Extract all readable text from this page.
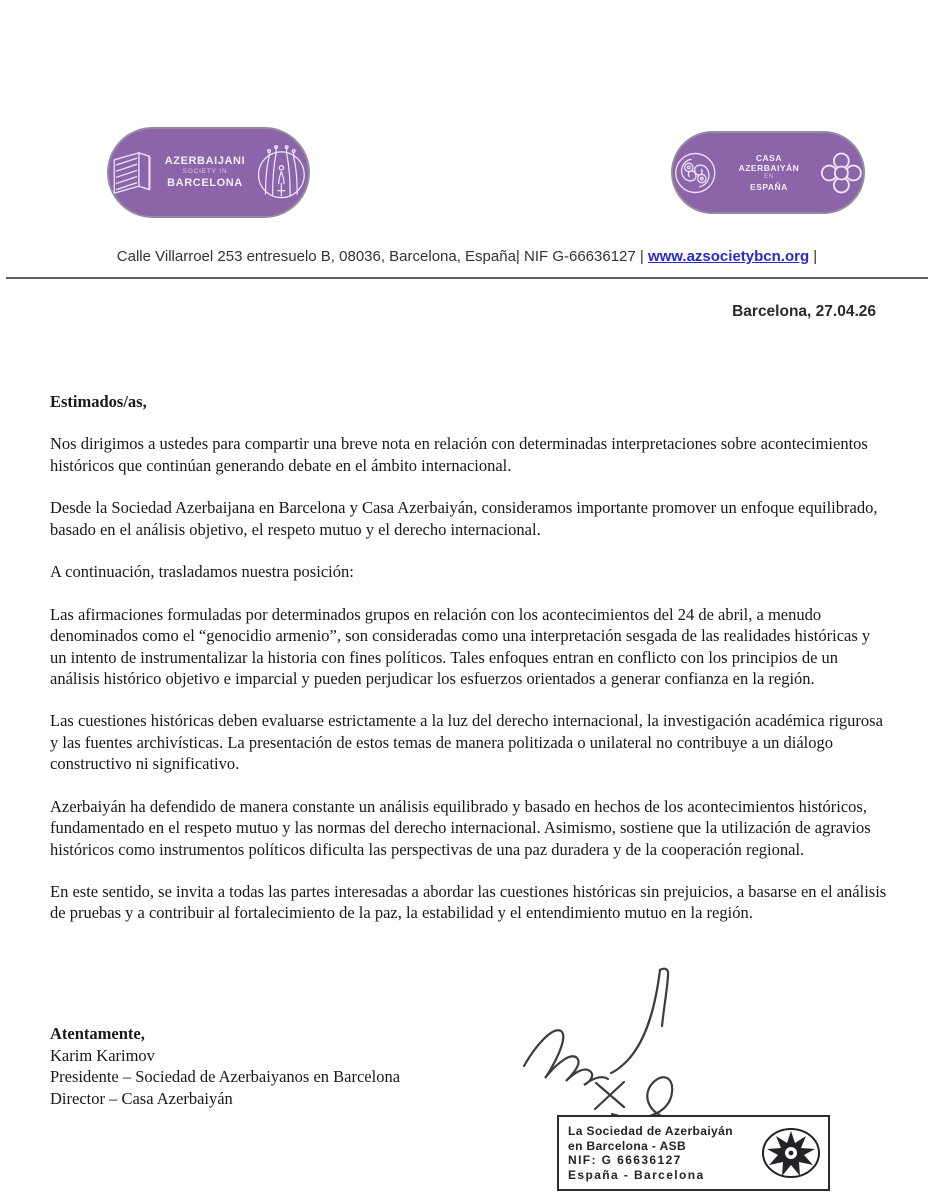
AZERBAIJANI
SOCIETY IN
BARCELONA
CASA AZERBAIYÁN
EN
ESPAÑA
Calle Villarroel 253 entresuelo B, 08036, Barcelona, España| NIF G-66636127 | www.azsocietybcn.org |
Barcelona, 27.04.26

Estimados/as,

Nos dirigimos a ustedes para compartir una breve nota en relación con determinadas interpretaciones sobre acontecimientos históricos que continúan generando debate en el ámbito internacional.

Desde la Sociedad Azerbaijana en Barcelona y Casa Azerbaiyán, consideramos importante promover un enfoque equilibrado, basado en el análisis objetivo, el respeto mutuo y el derecho internacional.

A continuación, trasladamos nuestra posición:

Las afirmaciones formuladas por determinados grupos en relación con los acontecimientos del 24 de abril, a menudo denominados como el “genocidio armenio”, son consideradas como una interpretación sesgada de las realidades históricas y un intento de instrumentalizar la historia con fines políticos. Tales enfoques entran en conflicto con los principios de un análisis histórico objetivo e imparcial y pueden perjudicar los esfuerzos orientados a generar confianza en la región.

Las cuestiones históricas deben evaluarse estrictamente a la luz del derecho internacional, la investigación académica rigurosa y las fuentes archivísticas. La presentación de estos temas de manera politizada o unilateral no contribuye a un diálogo constructivo ni significativo.

Azerbaiyán ha defendido de manera constante un análisis equilibrado y basado en hechos de los acontecimientos históricos, fundamentado en el respeto mutuo y las normas del derecho internacional. Asimismo, sostiene que la utilización de agravios históricos como instrumentos políticos dificulta las perspectivas de una paz duradera y de la cooperación regional.

En este sentido, se invita a todas las partes interesadas a abordar las cuestiones históricas sin prejuicios, a basarse en el análisis de pruebas y a contribuir al fortalecimiento de la paz, la estabilidad y el entendimiento mutuo en la región.

Atentamente,
Karim Karimov
Presidente – Sociedad de Azerbaiyanos en Barcelona
Director – Casa Azerbaiyán
La Sociedad de Azerbaiyán
en Barcelona - ASB
NIF: G 66636127
España - Barcelona
